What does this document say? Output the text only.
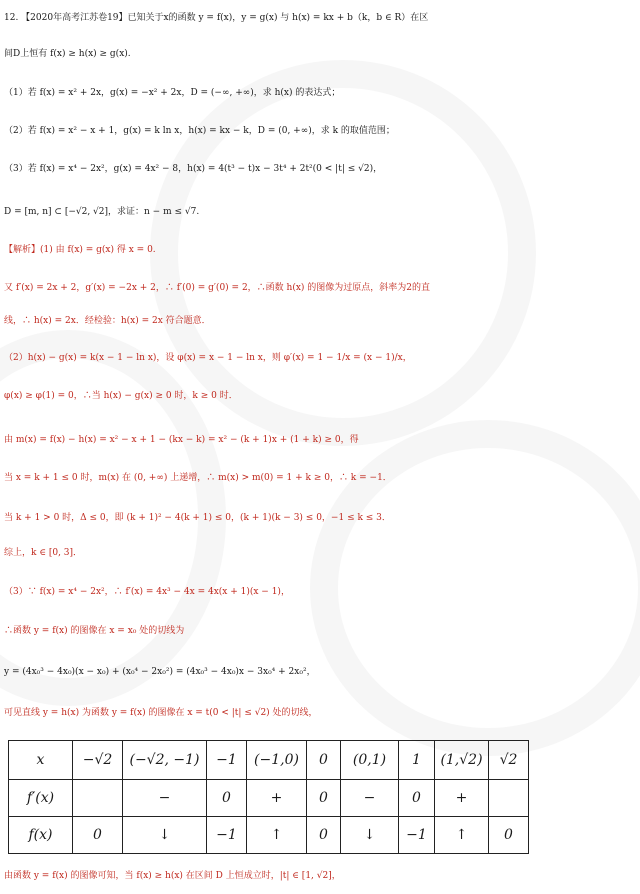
12. 【2020年高考江苏卷19】已知关于x的函数 y = f(x)，y = g(x) 与 h(x) = kx + b（k，b ∈ R）在区
间D上恒有 f(x) ≥ h(x) ≥ g(x).
（1）若 f(x) = x² + 2x，g(x) = −x² + 2x，D = (−∞, +∞)，求 h(x) 的表达式；
（2）若 f(x) = x² − x + 1，g(x) = k ln x，h(x) = kx − k，D = (0, +∞)，求 k 的取值范围；
（3）若 f(x) = x⁴ − 2x²，g(x) = 4x² − 8，h(x) = 4(t³ − t)x − 3t⁴ + 2t²(0 < |t| ≤ √2)，
D = [m, n] ⊂ [−√2, √2]，求证：n − m ≤ √7.
【解析】(1) 由 f(x) = g(x) 得 x = 0.
又 f′(x) = 2x + 2，g′(x) = −2x + 2，∴ f′(0) = g′(0) = 2，∴函数 h(x) 的图像为过原点，斜率为2的直
线，∴ h(x) = 2x．经检验：h(x) = 2x 符合题意．
（2）h(x) − g(x) = k(x − 1 − ln x)，设 φ(x) = x − 1 − ln x，则 φ′(x) = 1 − 1/x = (x − 1)/x，
φ(x) ≥ φ(1) = 0，∴当 h(x) − g(x) ≥ 0 时，k ≥ 0 时．
由 m(x) = f(x) − h(x) = x² − x + 1 − (kx − k) = x² − (k + 1)x + (1 + k) ≥ 0，得
当 x = k + 1 ≤ 0 时，m(x) 在 (0, +∞) 上递增，∴ m(x) > m(0) = 1 + k ≥ 0，∴ k = −1．
当 k + 1 > 0 时，Δ ≤ 0，即 (k + 1)² − 4(k + 1) ≤ 0，(k + 1)(k − 3) ≤ 0，−1 ≤ k ≤ 3．
综上，k ∈ [0, 3]．
（3）∵ f(x) = x⁴ − 2x²，∴ f′(x) = 4x³ − 4x = 4x(x + 1)(x − 1)，
∴函数 y = f(x) 的图像在 x = x₀ 处的切线为
y = (4x₀³ − 4x₀)(x − x₀) + (x₀⁴ − 2x₀²) = (4x₀³ − 4x₀)x − 3x₀⁴ + 2x₀²，
可见直线 y = h(x) 为函数 y = f(x) 的图像在 x = t(0 < |t| ≤ √2) 处的切线，
x	−√2	(−√2, −1)	−1	(−1,0)	0	(0,1)	1	(1,√2)	√2
f′(x)		−	0	+	0	−	0	+	
f(x)	0	↓	−1	↑	0	↓	−1	↑	0
由函数 y = f(x) 的图像可知，当 f(x) ≥ h(x) 在区间 D 上恒成立时，|t| ∈ [1, √2]，
